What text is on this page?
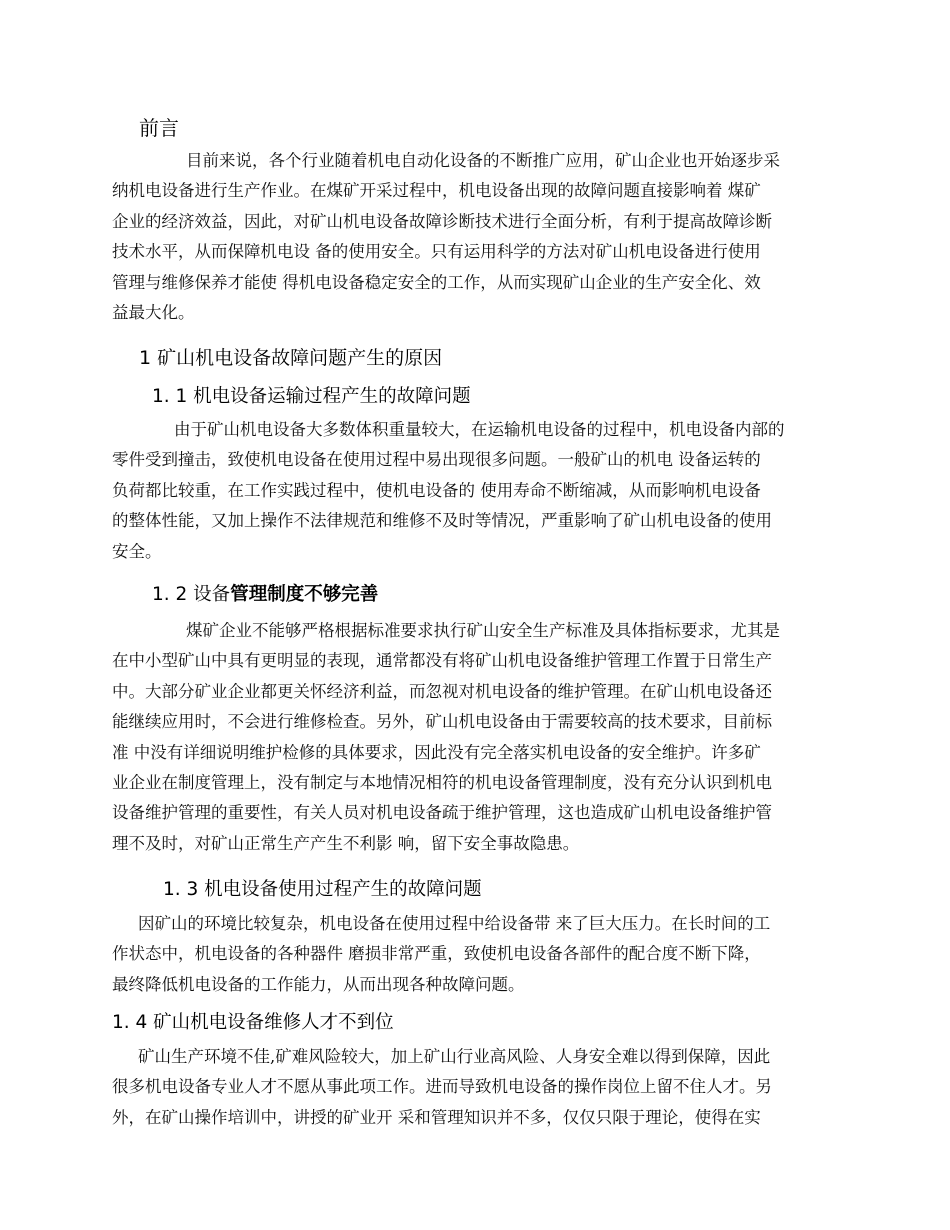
前言
目前来说，各个行业随着机电自动化设备的不断推广应用，矿山企业也开始逐步采
纳机电设备进行生产作业。在煤矿开采过程中，机电设备出现的故障问题直接影响着 煤矿
企业的经济效益，因此，对矿山机电设备故障诊断技术进行全面分析，有利于提高故障诊断
技术水平，从而保障机电设 备的使用安全。只有运用科学的方法对矿山机电设备进行使用
管理与维修保养才能使 得机电设备稳定安全的工作，从而实现矿山企业的生产安全化、效
益最大化。
1 矿山机电设备故障问题产生的原因
1. 1 机电设备运输过程产生的故障问题
由于矿山机电设备大多数体积重量较大，在运输机电设备的过程中，机电设备内部的
零件受到撞击，致使机电设备在使用过程中易出现很多问题。一般矿山的机电 设备运转的
负荷都比较重，在工作实践过程中，使机电设备的 使用寿命不断缩减，从而影响机电设备
的整体性能，又加上操作不法律规范和维修不及时等情况，严重影响了矿山机电设备的使用
安全。
1. 2 设备管理制度不够完善
煤矿企业不能够严格根据标准要求执行矿山安全生产标准及具体指标要求，尤其是
在中小型矿山中具有更明显的表现，通常都没有将矿山机电设备维护管理工作置于日常生产
中。大部分矿业企业都更关怀经济利益，而忽视对机电设备的维护管理。在矿山机电设备还
能继续应用时，不会进行维修检查。另外，矿山机电设备由于需要较高的技术要求，目前标
准 中没有详细说明维护检修的具体要求，因此没有完全落实机电设备的安全维护。许多矿
业企业在制度管理上，没有制定与本地情况相符的机电设备管理制度，没有充分认识到机电
设备维护管理的重要性，有关人员对机电设备疏于维护管理，这也造成矿山机电设备维护管
理不及时，对矿山正常生产产生不利影 响，留下安全事故隐患。
1. 3 机电设备使用过程产生的故障问题
因矿山的环境比较复杂，机电设备在使用过程中给设备带 来了巨大压力。在长时间的工
作状态中，机电设备的各种器件 磨损非常严重，致使机电设备各部件的配合度不断下降，
最终降低机电设备的工作能力，从而出现各种故障问题。
1. 4 矿山机电设备维修人才不到位
矿山生产环境不佳,矿难风险较大，加上矿山行业高风险、人身安全难以得到保障，因此
很多机电设备专业人才不愿从事此项工作。进而导致机电设备的操作岗位上留不住人才。另
外，在矿山操作培训中，讲授的矿业开 采和管理知识并不多，仅仅只限于理论，使得在实
